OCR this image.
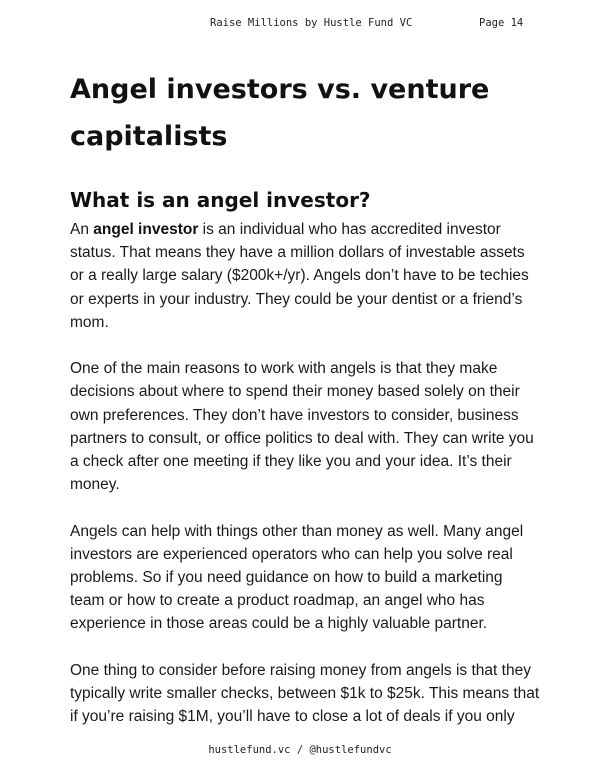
Raise Millions by Hustle Fund VC	Page 14
Angel investors vs. venture capitalists
What is an angel investor?

An angel investor is an individual who has accredited investor status. That means they have a million dollars of investable assets or a really large salary ($200k+/yr). Angels don’t have to be techies or experts in your industry. They could be your dentist or a friend’s mom.

One of the main reasons to work with angels is that they make decisions about where to spend their money based solely on their own preferences. They don’t have investors to consider, business partners to consult, or office politics to deal with. They can write you a check after one meeting if they like you and your idea. It’s their money.

Angels can help with things other than money as well. Many angel investors are experienced operators who can help you solve real problems. So if you need guidance on how to build a marketing team or how to create a product roadmap, an angel who has experience in those areas could be a highly valuable partner.

One thing to consider before raising money from angels is that they typically write smaller checks, between $1k to $25k. This means that if you’re raising $1M, you’ll have to close a lot of deals if you only

hustlefund.vc / @hustlefundvc
